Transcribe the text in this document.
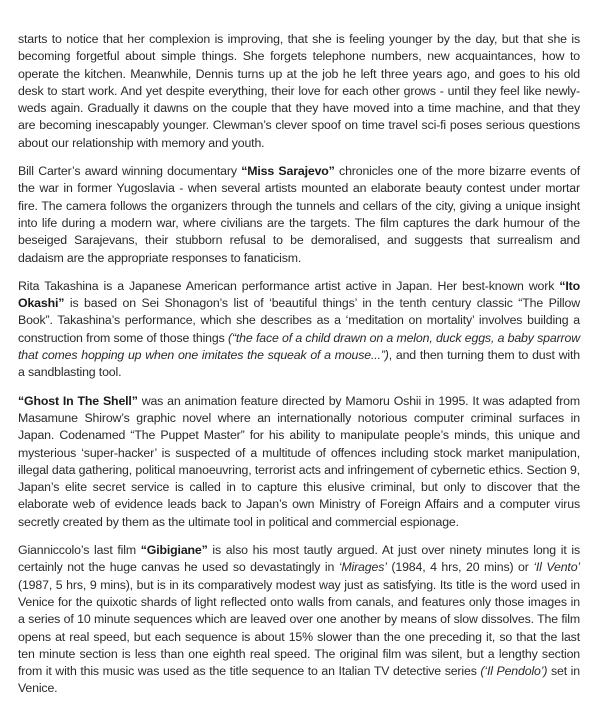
starts to notice that her complexion is improving, that she is feeling younger by the day, but that she is becoming forgetful about simple things. She forgets telephone numbers, new acquaintances, how to operate the kitchen. Meanwhile, Dennis turns up at the job he left three years ago, and goes to his old desk to start work. And yet despite everything, their love for each other grows - until they feel like newly-weds again. Gradually it dawns on the couple that they have moved into a time machine, and that they are becoming inescapably younger. Clewman’s clever spoof on time travel sci-fi poses serious questions about our relationship with memory and youth.

Bill Carter’s award winning documentary “Miss Sarajevo” chronicles one of the more bizarre events of the war in former Yugoslavia - when several artists mounted an elaborate beauty contest under mortar fire. The camera follows the organizers through the tunnels and cellars of the city, giving a unique insight into life during a modern war, where civilians are the targets. The film captures the dark humour of the beseiged Sarajevans, their stubborn refusal to be demoralised, and suggests that surrealism and dadaism are the appropriate responses to fanaticism.

Rita Takashina is a Japanese American performance artist active in Japan. Her best-known work “Ito Okashi” is based on Sei Shonagon’s list of ‘beautiful things’ in the tenth century classic “The Pillow Book”. Takashina’s performance, which she describes as a ‘meditation on mortality’ involves building a construction from some of those things (“the face of a child drawn on a melon, duck eggs, a baby sparrow that comes hopping up when one imitates the squeak of a mouse...”), and then turning them to dust with a sandblasting tool.

“Ghost In The Shell” was an animation feature directed by Mamoru Oshii in 1995. It was adapted from Masamune Shirow’s graphic novel where an internationally notorious computer criminal surfaces in Japan. Codenamed “The Puppet Master” for his ability to manipulate people’s minds, this unique and mysterious ‘super-hacker’ is suspected of a multitude of offences including stock market manipulation, illegal data gathering, political manoeuvring, terrorist acts and infringement of cybernetic ethics. Section 9, Japan’s elite secret service is called in to capture this elusive criminal, but only to discover that the elaborate web of evidence leads back to Japan’s own Ministry of Foreign Affairs and a computer virus secretly created by them as the ultimate tool in political and commercial espionage.

Gianniccolo’s last film “Gibigiane” is also his most tautly argued. At just over ninety minutes long it is certainly not the huge canvas he used so devastatingly in ‘Mirages’ (1984, 4 hrs, 20 mins) or ‘Il Vento’ (1987, 5 hrs, 9 mins), but is in its comparatively modest way just as satisfying. Its title is the word used in Venice for the quixotic shards of light reflected onto walls from canals, and features only those images in a series of 10 minute sequences which are leaved over one another by means of slow dissolves. The film opens at real speed, but each sequence is about 15% slower than the one preceding it, so that the last ten minute section is less than one eighth real speed. The original film was silent, but a lengthy section from it with this music was used as the title sequence to an Italian TV detective series (‘Il Pendolo’) set in Venice.
